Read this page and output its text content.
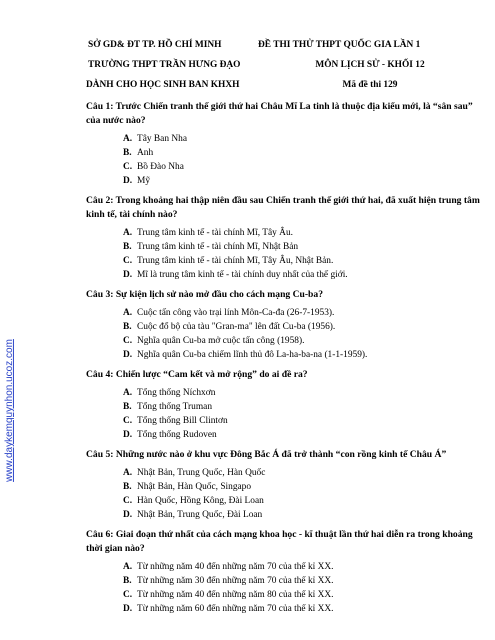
www.daykemquynhon.ucoz.com
SỞ GD& ĐT TP. HỒ CHÍ MINH	ĐỀ THI THỬ THPT QUỐC GIA LẦN 1
TRƯỜNG THPT TRẦN HƯNG ĐẠO	MÔN LỊCH SỬ - KHỐI 12
DÀNH CHO HỌC SINH BAN KHXH	Mã đề thi 129
Câu 1: Trước Chiến tranh thế giới thứ hai Châu Mĩ La tinh là thuộc địa kiểu mới, là “sân sau” của nước nào?
A. Tây Ban Nha
B. Anh
C. Bồ Đào Nha
D. Mỹ
Câu 2: Trong khoảng hai thập niên đầu sau Chiến tranh thế giới thứ hai, đã xuất hiện trung tâm kinh tế, tài chính nào?
A. Trung tâm kinh tế - tài chính Mĩ, Tây Âu.
B. Trung tâm kinh tế - tài chính Mĩ, Nhật Bản
C. Trung tâm kinh tế - tài chính Mĩ, Tây Âu, Nhật Bản.
D. Mĩ là trung tâm kinh tế - tài chính duy nhất của thế giới.
Câu 3: Sự kiện lịch sử nào mở đầu cho cách mạng Cu-ba?
A. Cuộc tấn công vào trại lính Môn-Ca-đa (26-7-1953).
B. Cuộc đổ bộ của tàu "Gran-ma" lên đất Cu-ba (1956).
C. Nghĩa quân Cu-ba mở cuộc tấn công (1958).
D. Nghĩa quân Cu-ba chiếm lĩnh thủ đô La-ha-ba-na (1-1-1959).
Câu 4: Chiến lược “Cam kết và mở rộng” do ai đề ra?
A. Tổng thống Níchxơn
B. Tổng thống Truman
C. Tổng thống Bill Clintơn
D. Tổng thống Rudoven
Câu 5: Những nước nào ở khu vực Đông Bắc Á đã trở thành “con rồng kinh tế Châu Á”
A. Nhật Bản, Trung Quốc, Hàn Quốc
B. Nhật Bản, Hàn Quốc, Singapo
C. Hàn Quốc, Hồng Kông, Đài Loan
D. Nhật Bản, Trung Quốc, Đài Loan
Câu 6: Giai đoạn thứ nhất của cách mạng khoa học - kĩ thuật lần thứ hai diễn ra trong khoảng thời gian nào?
A. Từ những năm 40 đến những năm 70 của thế kỉ XX.
B. Từ những năm 30 đến những năm 70 của thế kỉ XX.
C. Từ những năm 40 đến những năm 80 của thế kỉ XX.
D. Từ những năm 60 đến những năm 70 của thế kỉ XX.
